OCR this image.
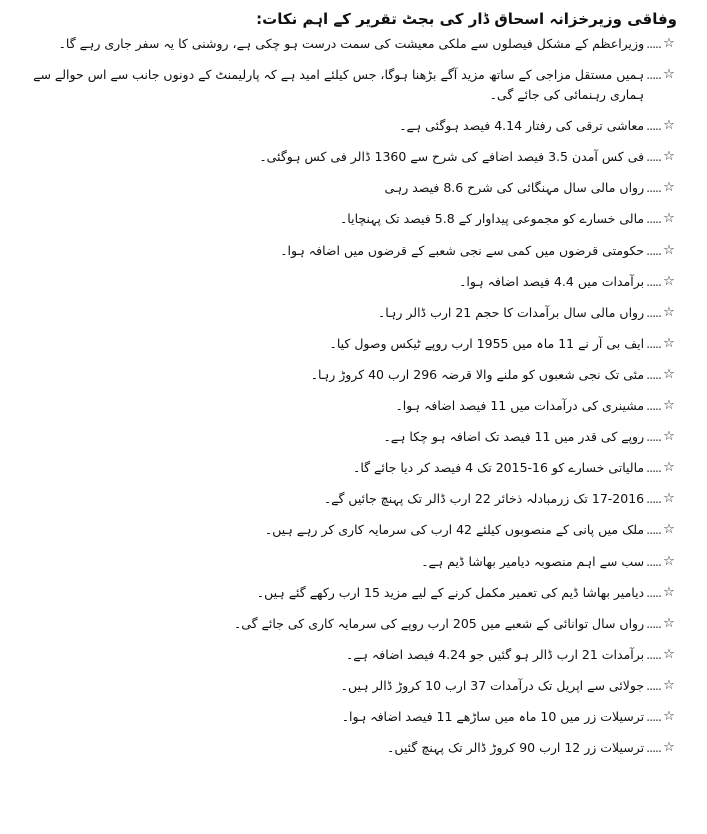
وفاقی وزیرخزانہ اسحاق ڈار کی بجٹ تقریر کے اہم نکات:
☆
.....
وزیراعظم کے مشکل فیصلوں سے ملکی معیشت کی سمت درست ہو چکی ہے، روشنی کا یہ سفر جاری رہے گا۔
☆
.....
ہمیں مستقل مزاجی کے ساتھ مزید آگے بڑھنا ہوگا، جس کیلئے امید ہے کہ پارلیمنٹ کے دونوں جانب سے اس حوالے سے ہماری رہنمائی کی جائے گی۔
☆
.....
معاشی ترقی کی رفتار 4.14 فیصد ہوگئی ہے۔
☆
.....
فی کس آمدن 3.5 فیصد اضافے کی شرح سے 1360 ڈالر فی کس ہوگئی۔
☆
.....
رواں مالی سال مہنگائی کی شرح 8.6 فیصد رہی
☆
.....
مالی خسارے کو مجموعی پیداوار کے 5.8 فیصد تک پہنچایا۔
☆
.....
حکومتی قرضوں میں کمی سے نجی شعبے کے قرضوں میں اضافہ ہوا۔
☆
.....
برآمدات میں 4.4 فیصد اضافہ ہوا۔
☆
.....
رواں مالی سال برآمدات کا حجم 21 ارب ڈالر رہا۔
☆
.....
ایف بی آر نے 11 ماہ میں 1955 ارب روپے ٹیکس وصول کیا۔
☆
.....
مئی تک نجی شعبوں کو ملنے والا قرضہ 296 ارب 40 کروڑ رہا۔
☆
.....
مشینری کی درآمدات میں 11 فیصد اضافہ ہوا۔
☆
.....
روپے کی قدر میں 11 فیصد تک اضافہ ہو چکا ہے۔
☆
.....
مالیاتی خسارے کو 16-2015 تک 4 فیصد کر دیا جائے گا۔
☆
.....
17-2016 تک زرمبادلہ ذخائر 22 ارب ڈالر تک پہنچ جائیں گے۔
☆
.....
ملک میں پانی کے منصوبوں کیلئے 42 ارب کی سرمایہ کاری کر رہے ہیں۔
☆
.....
سب سے اہم منصوبہ دیامیر بھاشا ڈیم ہے۔
☆
.....
دیامیر بھاشا ڈیم کی تعمیر مکمل کرنے کے لیے مزید 15 ارب رکھے گئے ہیں۔
☆
.....
رواں سال توانائی کے شعبے میں 205 ارب روپے کی سرمایہ کاری کی جائے گی۔
☆
.....
برآمدات 21 ارب ڈالر ہو گئیں جو 4.24 فیصد اضافہ ہے۔
☆
.....
جولائی سے اپریل تک درآمدات 37 ارب 10 کروڑ ڈالر ہیں۔
☆
.....
ترسیلات زر میں 10 ماہ میں ساڑھے 11 فیصد اضافہ ہوا۔
☆
.....
ترسیلات زر 12 ارب 90 کروڑ ڈالر تک پہنچ گئیں۔
